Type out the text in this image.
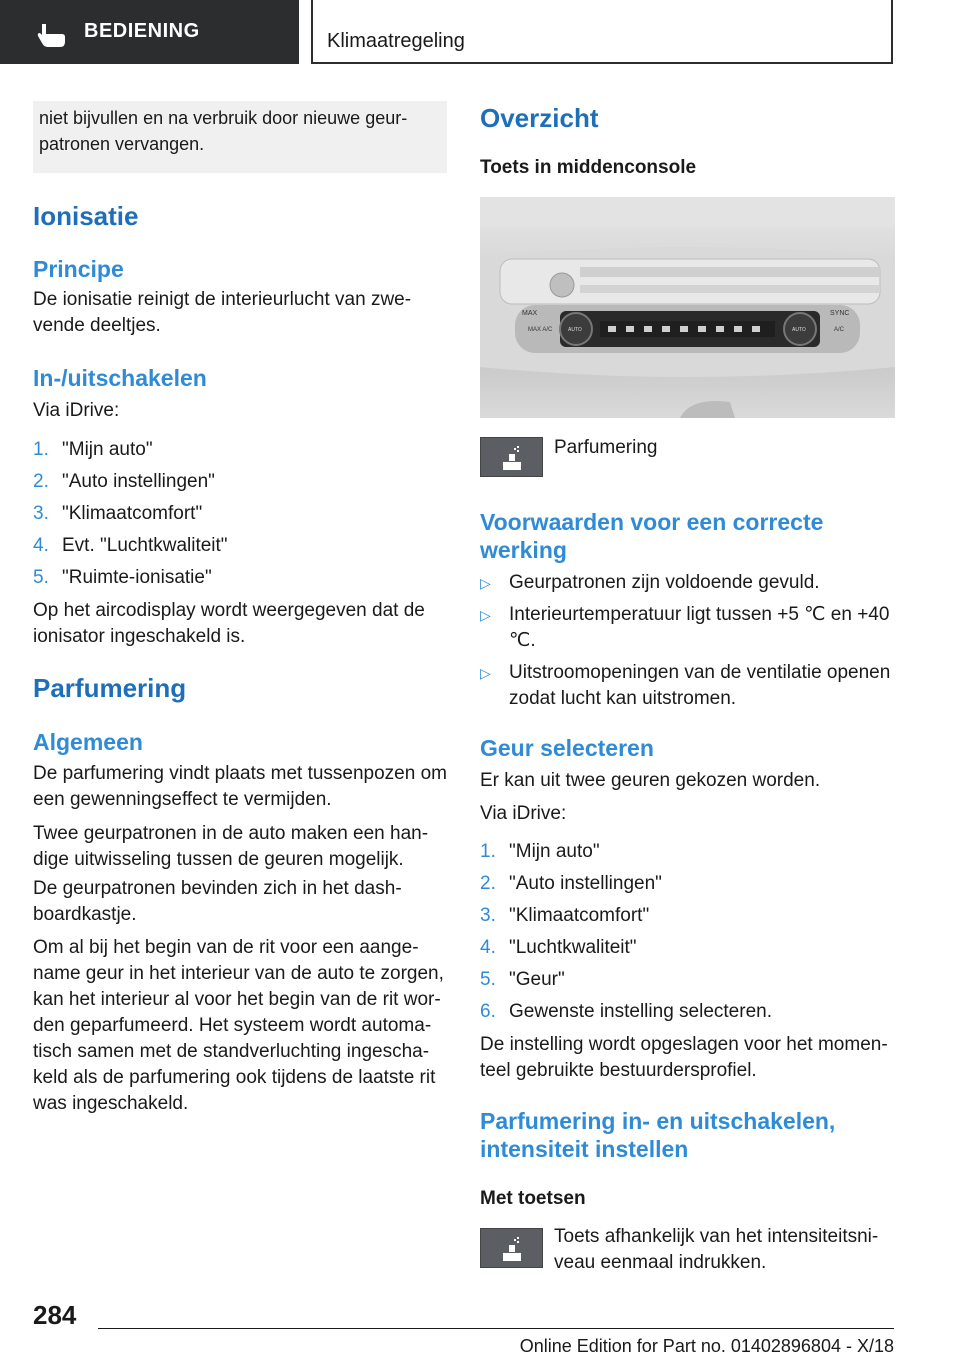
BEDIENING	Klimaatregeling

niet bijvullen en na verbruik door nieuwe geurpatronen vervangen.

Ionisatie
Principe

De ionisatie reinigt de interieurlucht van zwevende deeltjes.

In-/uitschakelen

Via iDrive:

1. "Mijn auto"
2. "Auto instellingen"
3. "Klimaatcomfort"
4. Evt. "Luchtkwaliteit"
5. "Ruimte-ionisatie"

Op het aircodisplay wordt weergegeven dat de ionisator ingeschakeld is.

Parfumering
Algemeen

De parfumering vindt plaats met tussenpozen om een gewenningseffect te vermijden.

Twee geurpatronen in de auto maken een handige uitwisseling tussen de geuren mogelijk.

De geurpatronen bevinden zich in het dashboardkastje.

Om al bij het begin van de rit voor een aangename geur in het interieur van de auto te zorgen, kan het interieur al voor het begin van de rit worden geparfumeerd. Het systeem wordt automatisch samen met de standverluchting ingeschakeld als de parfumering ook tijdens de laatste rit was ingeschakeld.

Overzicht
Toets in middenconsole
MAX
MAX A/C	AUTO	AUTO
SYNC
A/C

Parfumering

Voorwaarden voor een correcte werking
▷ Geurpatronen zijn voldoende gevuld.
▷ Interieurtemperatuur ligt tussen +5 ℃ en +40 ℃.
▷ Uitstroomopeningen van de ventilatie openen zodat lucht kan uitstromen.
Geur selecteren

Er kan uit twee geuren gekozen worden.

Via iDrive:

1. "Mijn auto"
2. "Auto instellingen"
3. "Klimaatcomfort"
4. "Luchtkwaliteit"
5. "Geur"
6. Gewenste instelling selecteren.

De instelling wordt opgeslagen voor het momenteel gebruikte bestuurdersprofiel.

Parfumering in- en uitschakelen, intensiteit instellen
Met toetsen

Toets afhankelijk van het intensiteitsniveau eenmaal indrukken.

284
Online Edition for Part no. 01402896804 - X/18
